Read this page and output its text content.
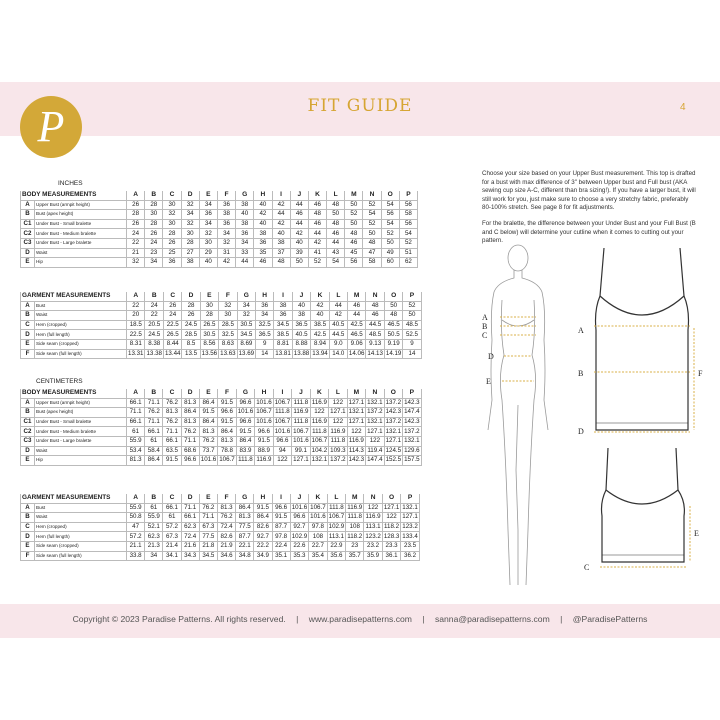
P	FIT GUIDE	4
INCHES
BODY MEASUREMENTS		A	B	C	D	E	F	G	H	I	J	K	L	M	N	O	P
A	Upper Bust (armpit height)	26	28	30	32	34	36	38	40	42	44	46	48	50	52	54	56
B	Bust (apex height)	28	30	32	34	36	38	40	42	44	46	48	50	52	54	56	58
C1	Under Bust - Small bralette	26	28	30	32	34	36	38	40	42	44	46	48	50	52	54	56
C2	Under Bust - Medium bralette	24	26	28	30	32	34	36	38	40	42	44	46	48	50	52	54
C3	Under Bust - Large bralette	22	24	26	28	30	32	34	36	38	40	42	44	46	48	50	52
D	Waist	21	23	25	27	29	31	33	35	37	39	41	43	45	47	49	51
E	Hip	32	34	36	38	40	42	44	46	48	50	52	54	56	58	60	62
GARMENT MEASUREMENTS		A	B	C	D	E	F	G	H	I	J	K	L	M	N	O	P
A	Bust	22	24	26	28	30	32	34	36	38	40	42	44	46	48	50	52
B	Waist	20	22	24	26	28	30	32	34	36	38	40	42	44	46	48	50
C	Hem (cropped)	18.5	20.5	22.5	24.5	26.5	28.5	30.5	32.5	34.5	36.5	38.5	40.5	42.5	44.5	46.5	48.5
D	Hem (full length)	22.5	24.5	26.5	28.5	30.5	32.5	34.5	36.5	38.5	40.5	42.5	44.5	46.5	48.5	50.5	52.5
E	Side seam (cropped)	8.31	8.38	8.44	8.5	8.56	8.63	8.69	9	8.81	8.88	8.94	9.0	9.06	9.13	9.19	9
F	Side seam (full length)	13.31	13.38	13.44	13.5	13.56	13.63	13.69	14	13.81	13.88	13.94	14.0	14.06	14.13	14.19	14
CENTIMETERS
BODY MEASUREMENTS		A	B	C	D	E	F	G	H	I	J	K	L	M	N	O	P
A	Upper Bust (armpit height)	66.1	71.1	76.2	81.3	86.4	91.5	96.6	101.6	106.7	111.8	116.9	122	127.1	132.1	137.2	142.3
B	Bust (apex height)	71.1	76.2	81.3	86.4	91.5	96.6	101.6	106.7	111.8	116.9	122	127.1	132.1	137.2	142.3	147.4
C1	Under Bust - Small bralette	66.1	71.1	76.2	81.3	86.4	91.5	96.6	101.6	106.7	111.8	116.9	122	127.1	132.1	137.2	142.3
C2	Under Bust - Medium bralette	61	66.1	71.1	76.2	81.3	86.4	91.5	96.6	101.6	106.7	111.8	116.9	122	127.1	132.1	137.2
C3	Under Bust - Large bralette	55.9	61	66.1	71.1	76.2	81.3	86.4	91.5	96.6	101.6	106.7	111.8	116.9	122	127.1	132.1
D	Waist	53.4	58.4	63.5	68.6	73.7	78.8	83.9	88.9	94	99.1	104.2	109.3	114.3	119.4	124.5	129.6
E	Hip	81.3	86.4	91.5	96.6	101.6	106.7	111.8	116.9	122	127.1	132.1	137.2	142.3	147.4	152.5	157.5
GARMENT MEASUREMENTS		A	B	C	D	E	F	G	H	I	J	K	L	M	N	O	P
A	Bust	55.9	61	66.1	71.1	76.2	81.3	86.4	91.5	96.6	101.6	106.7	111.8	116.9	122	127.1	132.1
B	Waist	50.8	55.9	61	66.1	71.1	76.2	81.3	86.4	91.5	96.6	101.6	106.7	111.8	116.9	122	127.1
C	Hem (cropped)	47	52.1	57.2	62.3	67.3	72.4	77.5	82.6	87.7	92.7	97.8	102.9	108	113.1	118.2	123.2
D	Hem (full length)	57.2	62.3	67.3	72.4	77.5	82.6	87.7	92.7	97.8	102.9	108	113.1	118.2	123.2	128.3	133.4
E	Side seam (cropped)	21.1	21.3	21.4	21.6	21.8	21.9	22.1	22.2	22.4	22.6	22.7	22.9	23	23.2	23.3	23.5
F	Side seam (full length)	33.8	34	34.1	34.3	34.5	34.6	34.8	34.9	35.1	35.3	35.4	35.6	35.7	35.9	36.1	36.2

Choose your size based on your Upper Bust measurement. This top is drafted for a bust with max difference of 3" between Upper bust and Full bust (AKA sewing cup size A-C, different than bra sizing!). If you have a larger bust, it will still work for you, just make sure to choose a very stretchy fabric, preferably 80-100% stretch. See page 8 for fit adjustments.

For the bralette, the difference between your Under Bust and your Full Bust (B and C below) will determine your cutline when it comes to cutting out your pattern.

A
B
C
D
E
A
B
D
F
C
E
Copyright © 2023 Paradise Patterns. All rights reserved. | www.paradisepatterns.com | sanna@paradisepatterns.com | @ParadisePatterns
